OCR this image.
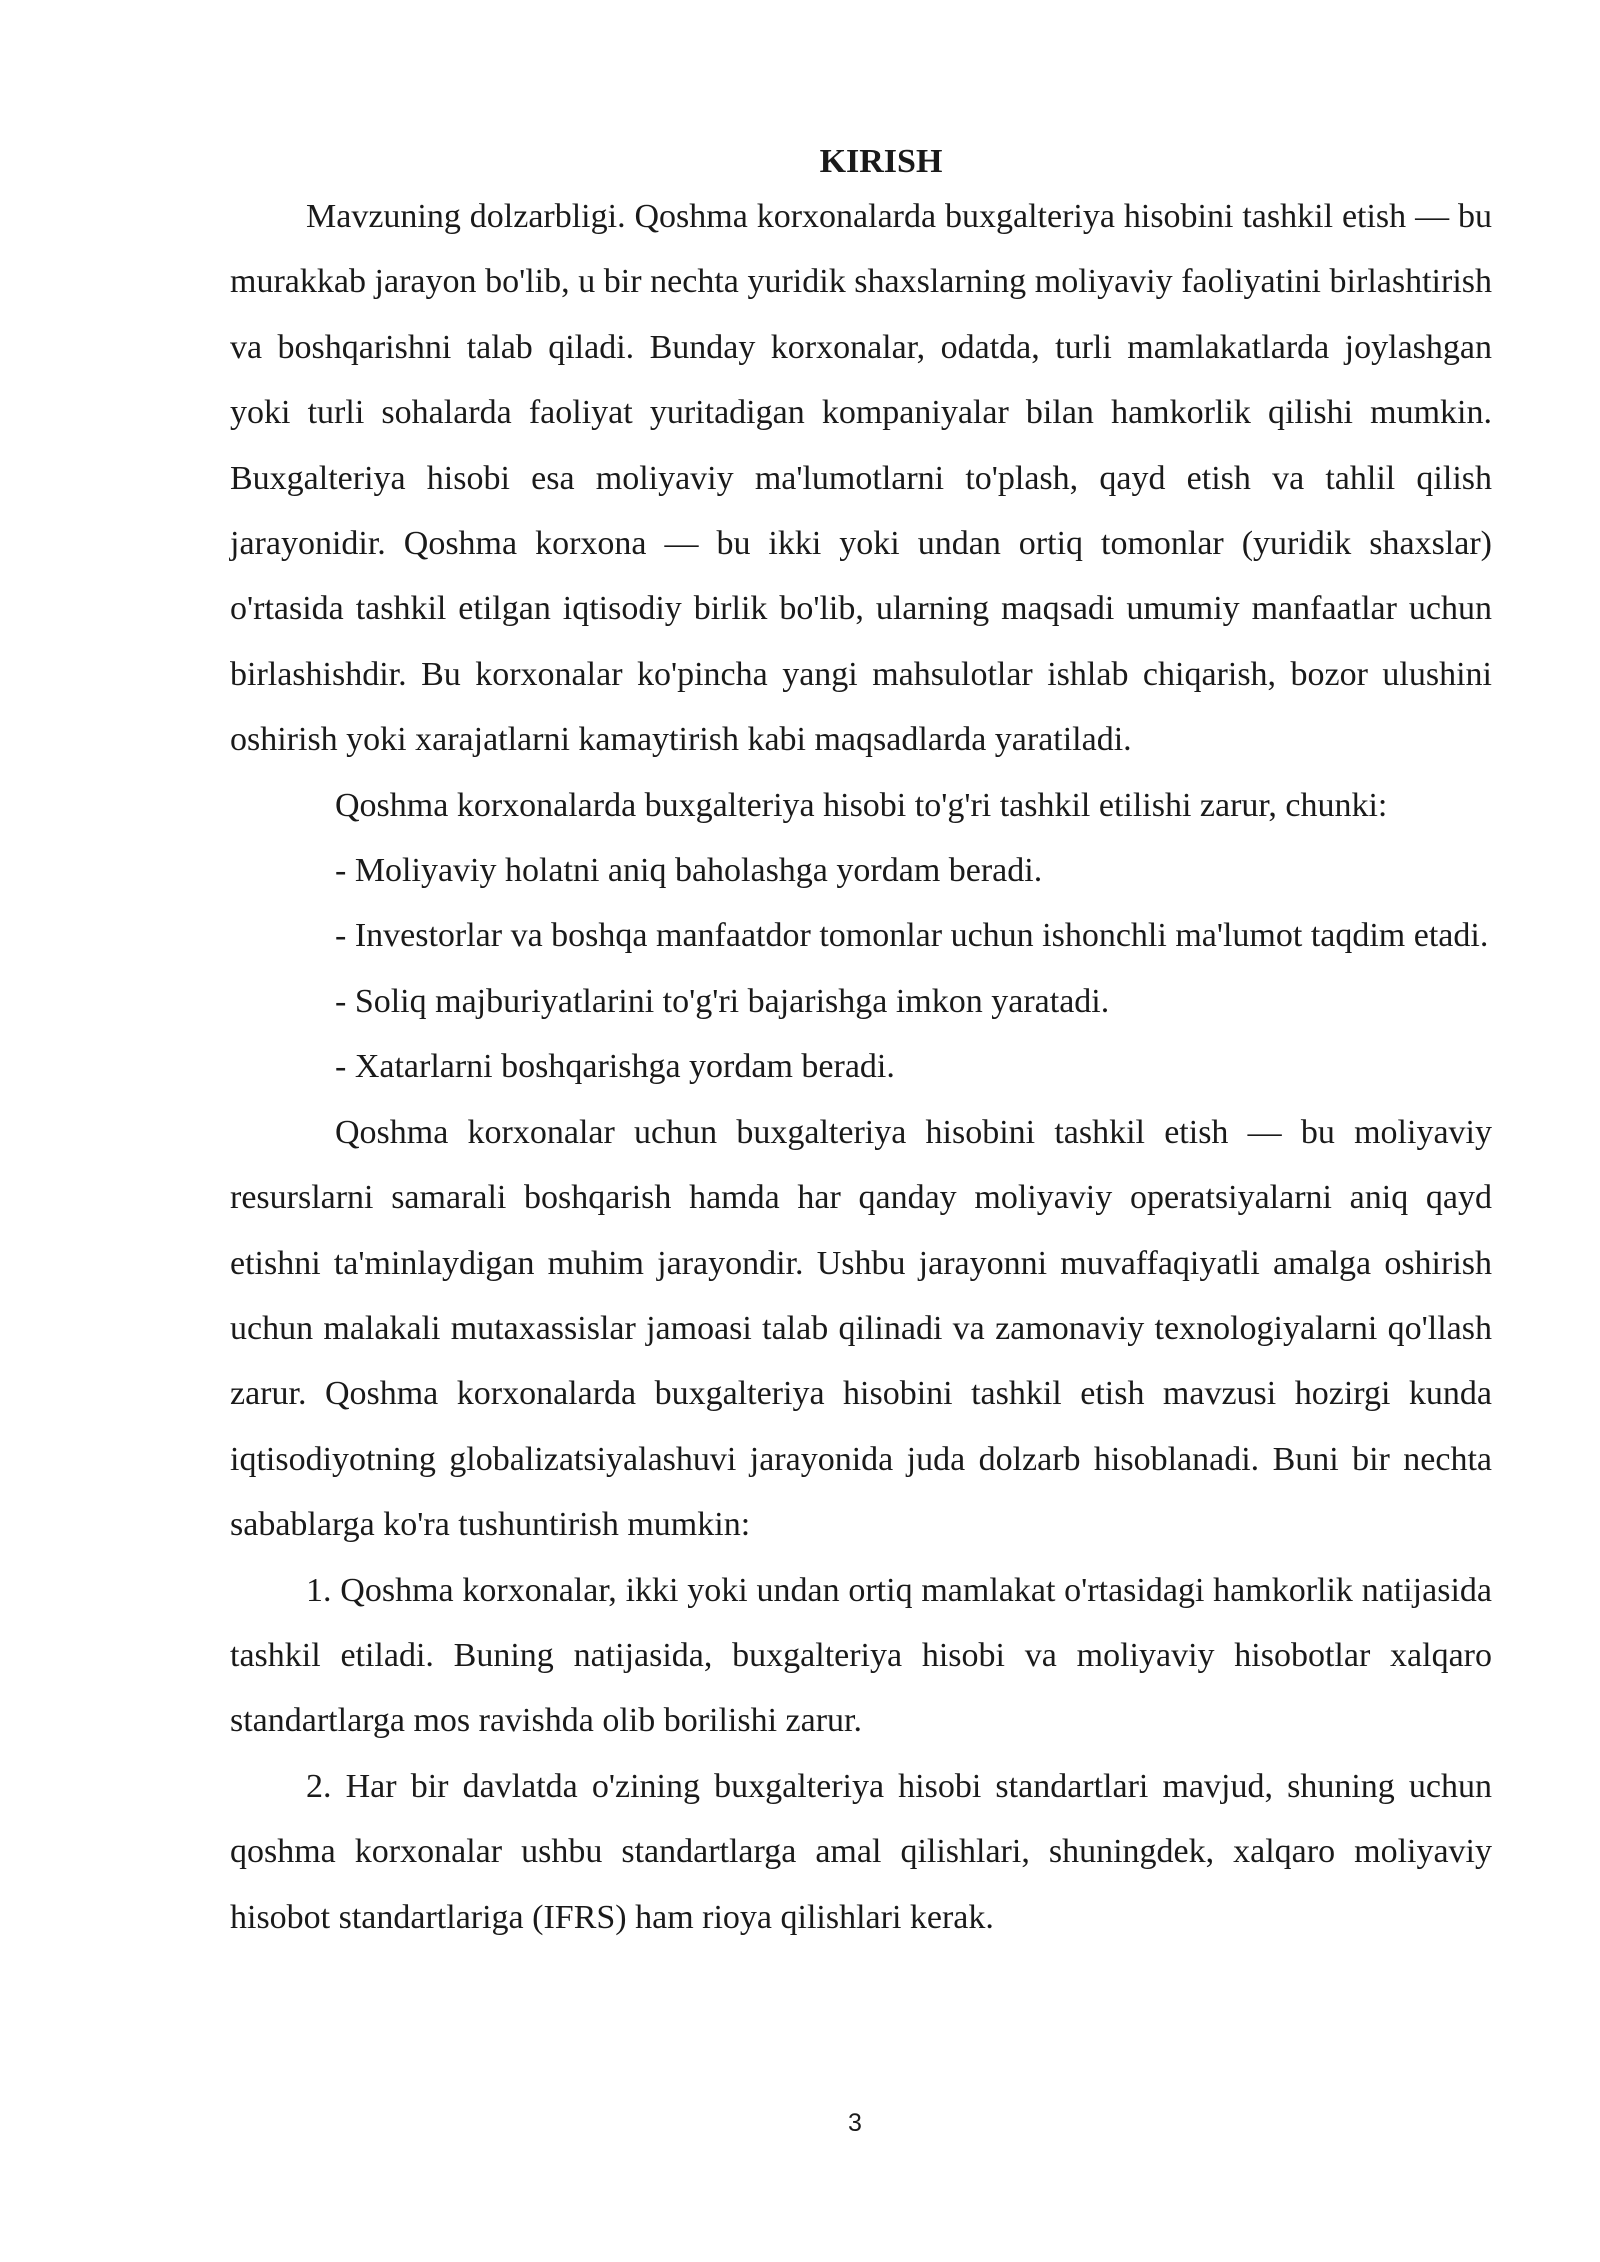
KIRISH

Mavzuning dolzarbligi. Qoshma korxonalarda buxgalteriya hisobini tashkil etish — bu murakkab jarayon bo'lib, u bir nechta yuridik shaxslarning moliyaviy faoliyatini birlashtirish va boshqarishni talab qiladi. Bunday korxonalar, odatda, turli mamlakatlarda joylashgan yoki turli sohalarda faoliyat yuritadigan kompaniyalar bilan hamkorlik qilishi mumkin. Buxgalteriya hisobi esa moliyaviy ma'lumotlarni to'plash, qayd etish va tahlil qilish jarayonidir. Qoshma korxona — bu ikki yoki undan ortiq tomonlar (yuridik shaxslar) o'rtasida tashkil etilgan iqtisodiy birlik bo'lib, ularning maqsadi umumiy manfaatlar uchun birlashishdir. Bu korxonalar ko'pincha yangi mahsulotlar ishlab chiqarish, bozor ulushini oshirish yoki xarajatlarni kamaytirish kabi maqsadlarda yaratiladi.

Qoshma korxonalarda buxgalteriya hisobi to'g'ri tashkil etilishi zarur, chunki:

- Moliyaviy holatni aniq baholashga yordam beradi.

- Investorlar va boshqa manfaatdor tomonlar uchun ishonchli ma'lumot taqdim etadi.

- Soliq majburiyatlarini to'g'ri bajarishga imkon yaratadi.

- Xatarlarni boshqarishga yordam beradi.

Qoshma korxonalar uchun buxgalteriya hisobini tashkil etish — bu moliyaviy resurslarni samarali boshqarish hamda har qanday moliyaviy operatsiyalarni aniq qayd etishni ta'minlaydigan muhim jarayondir. Ushbu jarayonni muvaffaqiyatli amalga oshirish uchun malakali mutaxassislar jamoasi talab qilinadi va zamonaviy texnologiyalarni qo'llash zarur. Qoshma korxonalarda buxgalteriya hisobini tashkil etish mavzusi hozirgi kunda iqtisodiyotning globalizatsiyalashuvi jarayonida juda dolzarb hisoblanadi. Buni bir nechta sabablarga ko'ra tushuntirish mumkin:

1. Qoshma korxonalar, ikki yoki undan ortiq mamlakat o'rtasidagi hamkorlik natijasida tashkil etiladi. Buning natijasida, buxgalteriya hisobi va moliyaviy hisobotlar xalqaro standartlarga mos ravishda olib borilishi zarur.

2. Har bir davlatda o'zining buxgalteriya hisobi standartlari mavjud, shuning uchun qoshma korxonalar ushbu standartlarga amal qilishlari, shuningdek, xalqaro moliyaviy hisobot standartlariga (IFRS) ham rioya qilishlari kerak.

3
